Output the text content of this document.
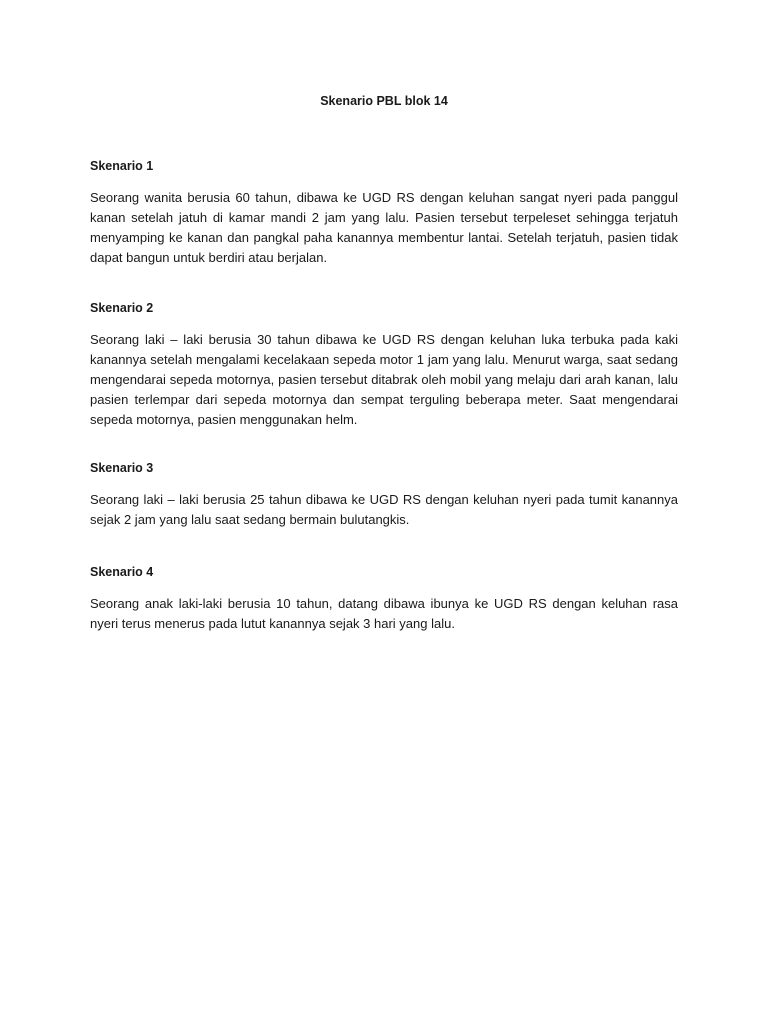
Skenario PBL blok 14
Skenario 1

Seorang wanita berusia 60 tahun, dibawa ke UGD RS dengan keluhan sangat nyeri pada panggul kanan setelah jatuh di kamar mandi 2 jam yang lalu. Pasien tersebut terpeleset sehingga terjatuh menyamping ke kanan dan pangkal paha kanannya membentur lantai. Setelah terjatuh, pasien tidak dapat bangun untuk berdiri atau berjalan.

Skenario 2

Seorang laki – laki berusia 30 tahun dibawa ke UGD RS dengan keluhan luka terbuka pada kaki kanannya setelah mengalami kecelakaan sepeda motor 1 jam yang lalu. Menurut warga, saat sedang mengendarai sepeda motornya, pasien tersebut ditabrak oleh mobil yang melaju dari arah kanan, lalu pasien terlempar dari sepeda motornya dan sempat terguling beberapa meter. Saat mengendarai sepeda motornya, pasien menggunakan helm.

Skenario 3

Seorang laki – laki berusia 25 tahun dibawa ke UGD RS dengan keluhan nyeri pada tumit kanannya sejak 2 jam yang lalu saat sedang bermain bulutangkis.

Skenario 4

Seorang anak laki-laki berusia 10 tahun, datang dibawa ibunya ke UGD RS dengan keluhan rasa nyeri terus menerus pada lutut kanannya sejak 3 hari yang lalu.
